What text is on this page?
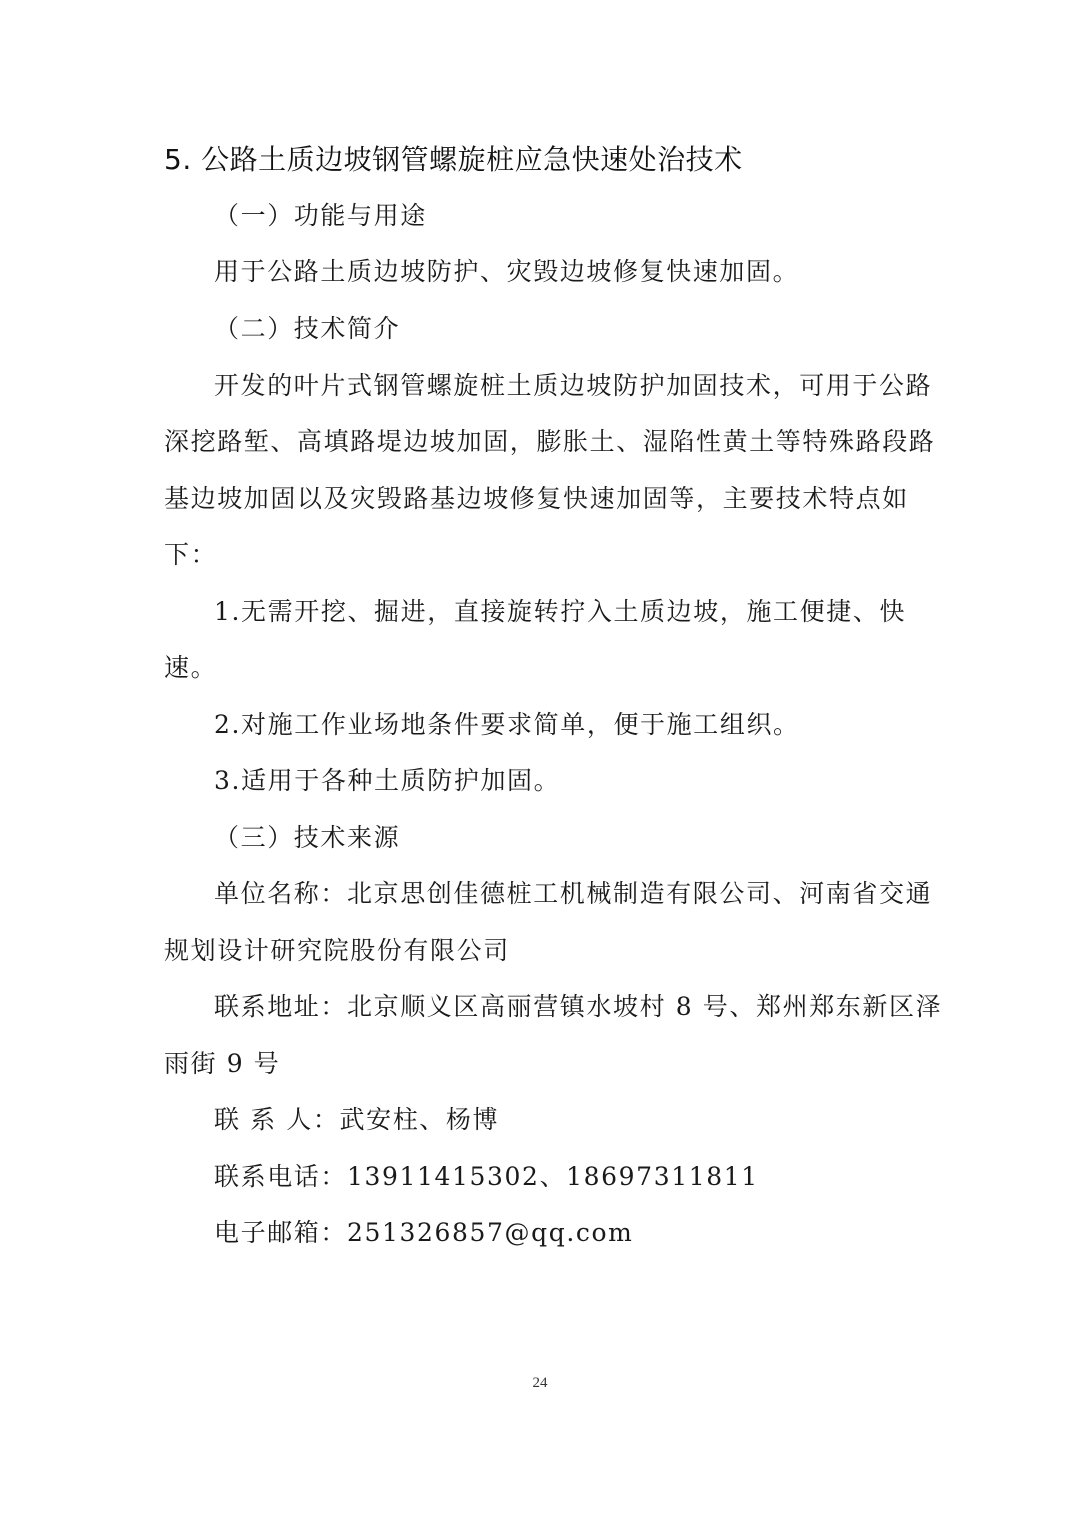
5. 公路土质边坡钢管螺旋桩应急快速处治技术
（一）功能与用途
用于公路土质边坡防护、灾毁边坡修复快速加固。
（二）技术简介
开发的叶片式钢管螺旋桩土质边坡防护加固技术，可用于公路
深挖路堑、高填路堤边坡加固，膨胀土、湿陷性黄土等特殊路段路
基边坡加固以及灾毁路基边坡修复快速加固等，主要技术特点如
下：
1.无需开挖、掘进，直接旋转拧入土质边坡，施工便捷、快
速。
2.对施工作业场地条件要求简单，便于施工组织。
3.适用于各种土质防护加固。
（三）技术来源
单位名称：北京思创佳德桩工机械制造有限公司、河南省交通
规划设计研究院股份有限公司
联系地址：北京顺义区高丽营镇水坡村 8 号、郑州郑东新区泽
雨街 9 号
联 系 人：武安柱、杨博
联系电话：13911415302、18697311811
电子邮箱：251326857@qq.com
24
